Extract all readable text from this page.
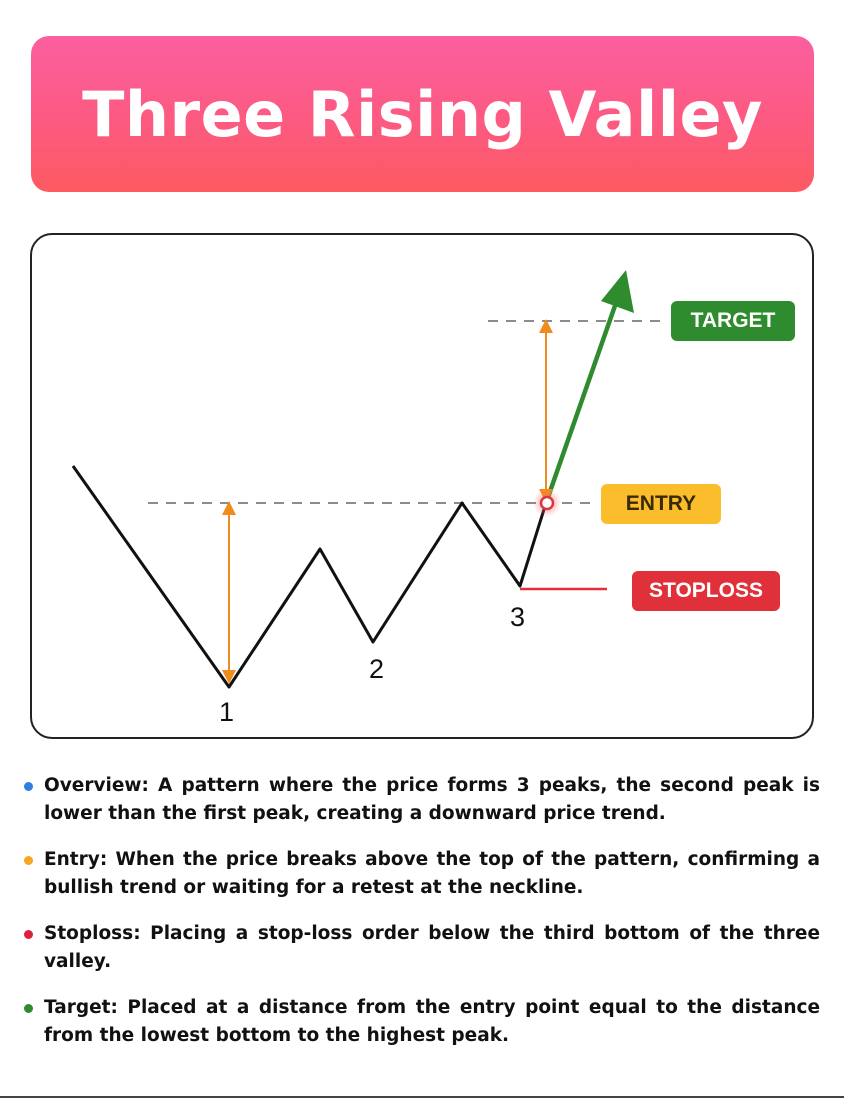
Three Rising Valley
TARGET
ENTRY
STOPLOSS
1
2
3
Overview: A pattern where the price forms 3 peaks, the second peak is lower than the first peak, creating a downward price trend.
Entry: When the price breaks above the top of the pattern, confirming a bullish trend or waiting for a retest at the neckline.
Stoploss: Placing a stop-loss order below the third bottom of the three valley.
Target: Placed at a distance from the entry point equal to the distance from the lowest bottom to the highest peak.
